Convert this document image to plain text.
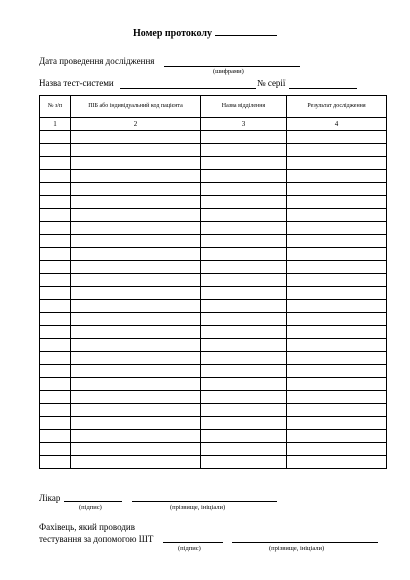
Номер протоколу
Дата проведення дослідження
(шифрами)
Назва тест-системи	№ серії
№ з/п	ПІБ або індивідуальний код пацієнта	Назва відділення	Результат дослідження
1	2	3	4

Лікар
(підпис)	(прізвище, ініціали)
Фахівець, який проводив
тестування за допомогою ШТ
(підпис)	(прізвище, ініціали)
